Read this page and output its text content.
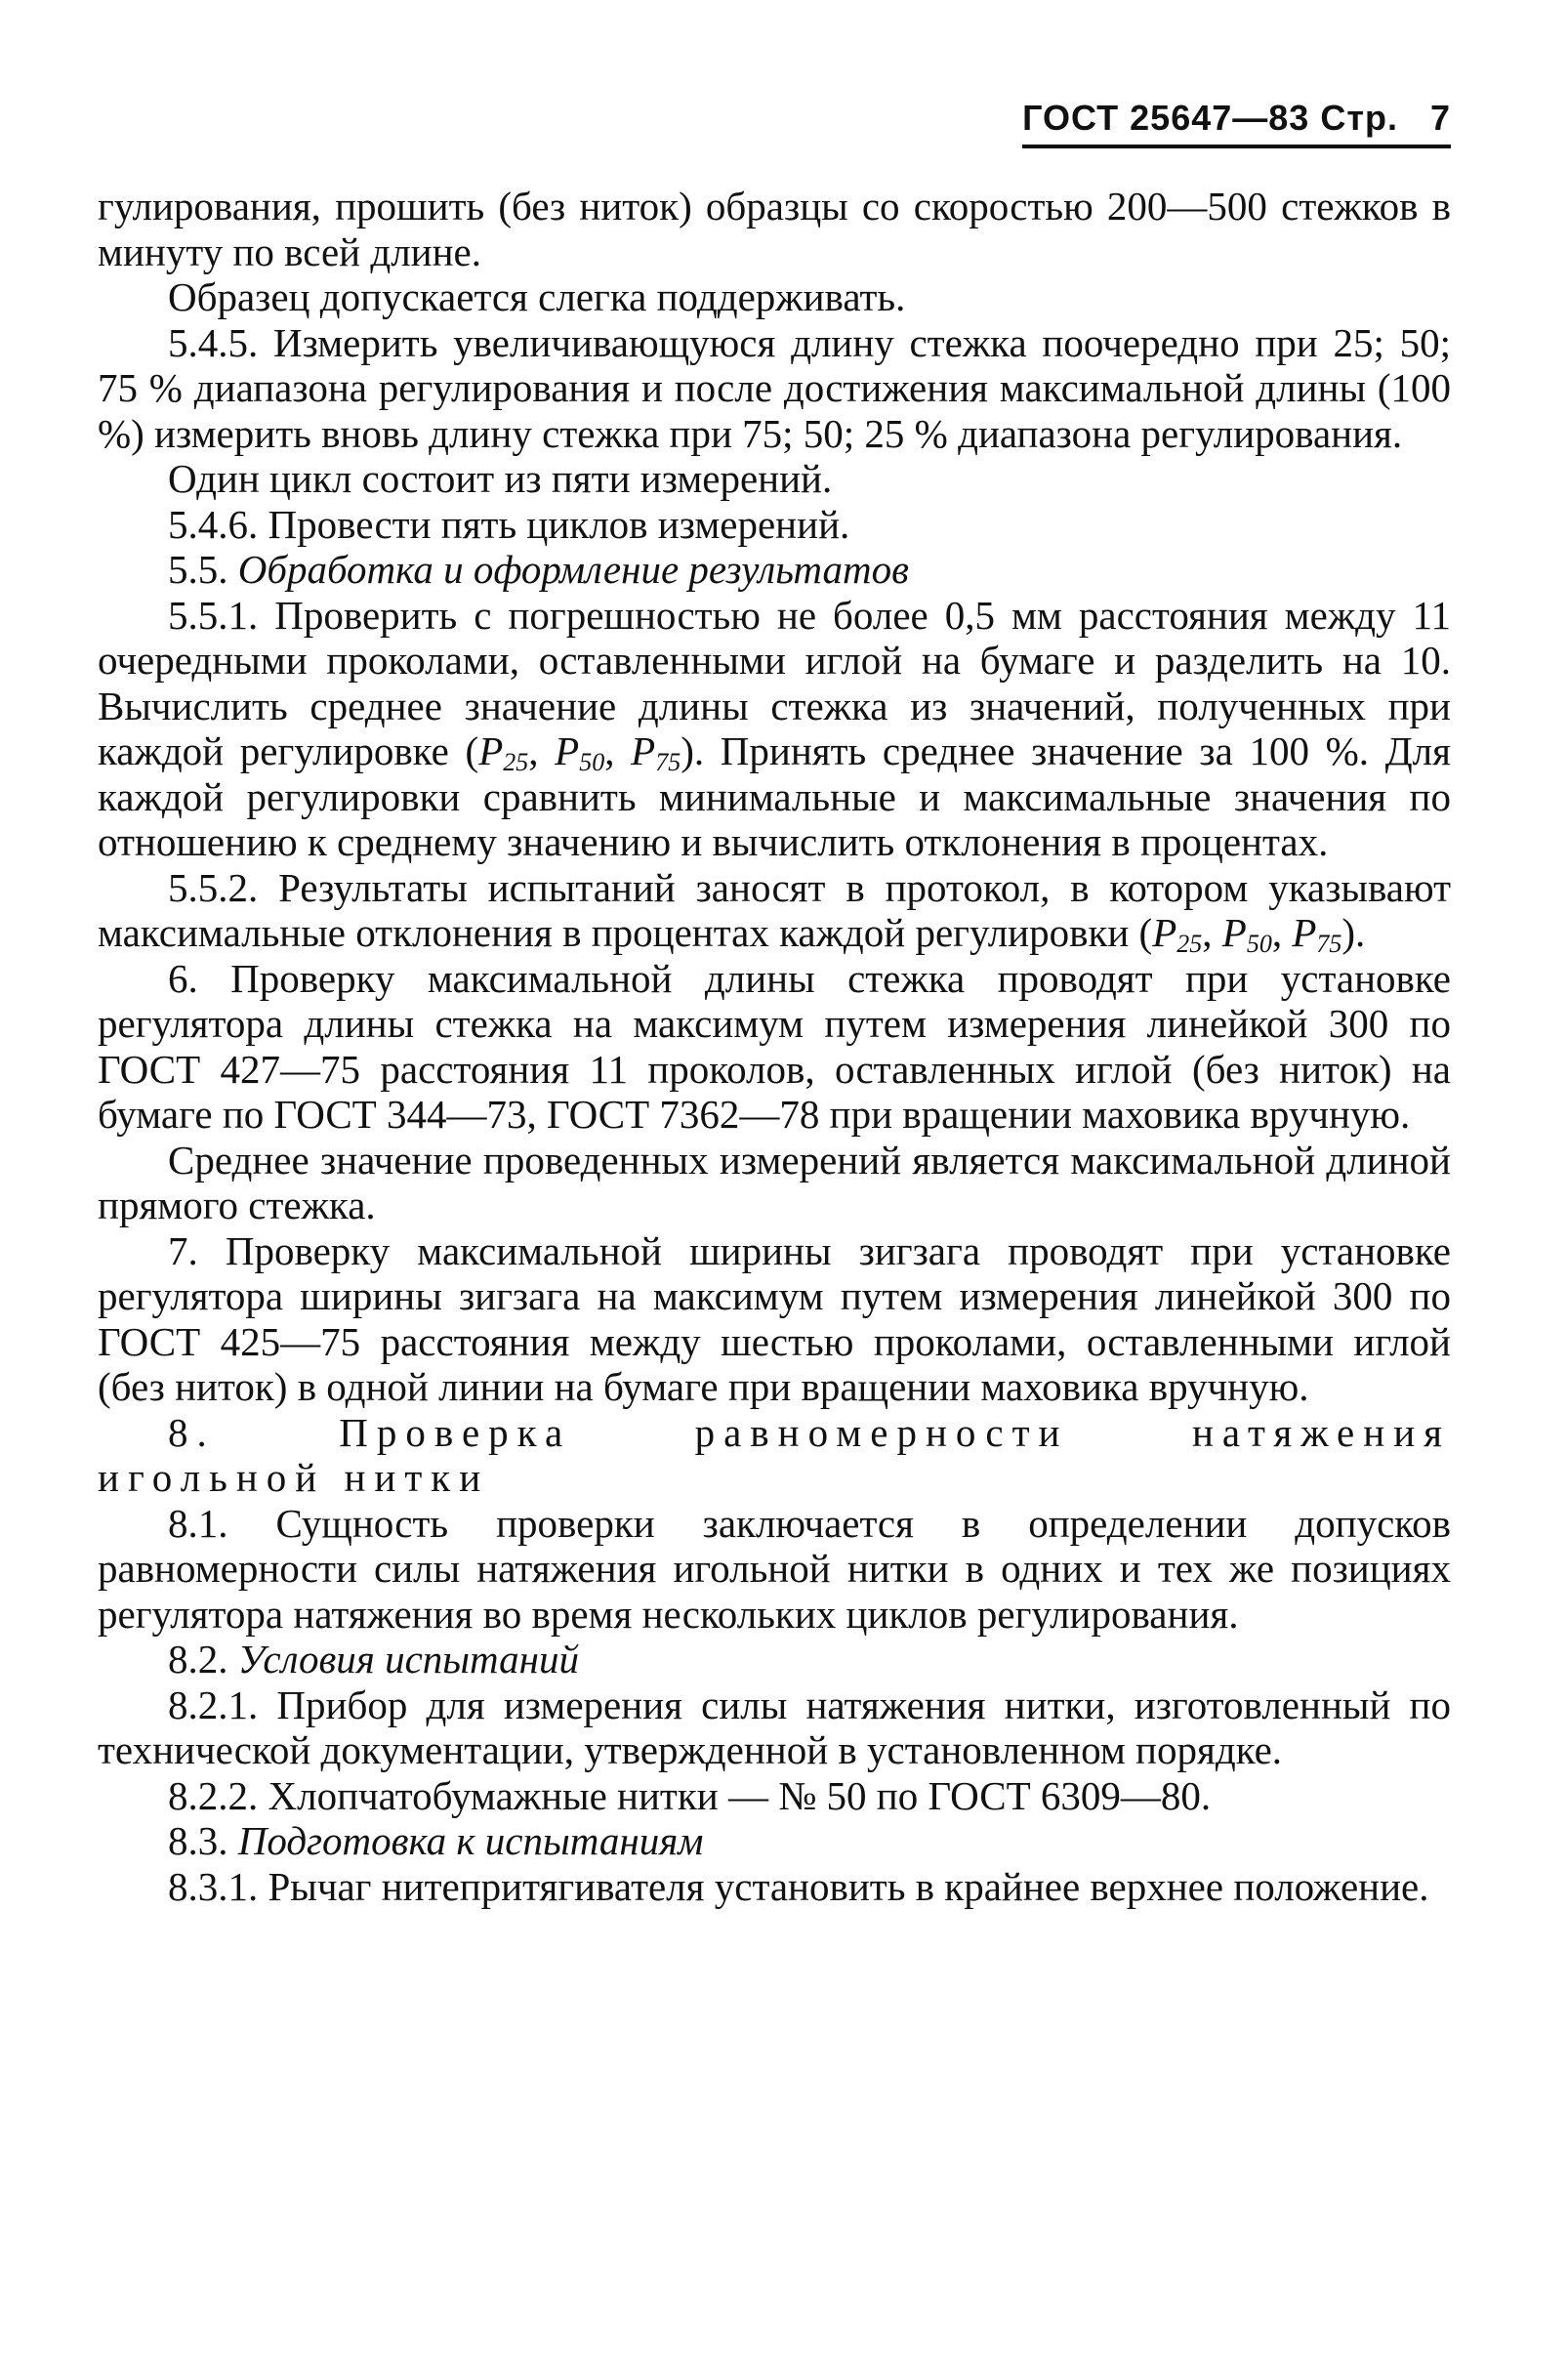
ГОСТ 25647—83 Стр. 7

гулирования, прошить (без ниток) образцы со скоростью 200—500 стежков в минуту по всей длине.

Образец допускается слегка поддерживать.

5.4.5. Измерить увеличивающуюся длину стежка поочередно при 25; 50; 75 % диапазона регулирования и после достижения максимальной длины (100 %) измерить вновь длину стежка при 75; 50; 25 % диапазона регулирования.

Один цикл состоит из пяти измерений.

5.4.6. Провести пять циклов измерений.

5.5. Обработка и оформление результатов

5.5.1. Проверить с погрешностью не более 0,5 мм расстояния между 11 очередными проколами, оставленными иглой на бумаге и разделить на 10. Вычислить среднее значение длины стежка из значений, полученных при каждой регулировке ($P_{25}$, $P_{50}$, $P_{75}$). Принять среднее значение за 100 %. Для каждой регулировки сравнить минимальные и максимальные значения по отношению к среднему значению и вычислить отклонения в процентах.

5.5.2. Результаты испытаний заносят в протокол, в котором указывают максимальные отклонения в процентах каждой регулировки ($P_{25}$, $P_{50}$, $P_{75}$).

6. Проверку максимальной длины стежка проводят при установке регулятора длины стежка на максимум путем измерения линейкой 300 по ГОСТ 427—75 расстояния 11 проколов, оставленных иглой (без ниток) на бумаге по ГОСТ 344—73, ГОСТ 7362—78 при вращении маховика вручную.

Среднее значение проведенных измерений является максимальной длиной прямого стежка.

7. Проверку максимальной ширины зигзага проводят при установке регулятора ширины зигзага на максимум путем измерения линейкой 300 по ГОСТ 425—75 расстояния между шестью проколами, оставленными иглой (без ниток) в одной линии на бумаге при вращении маховика вручную.

8. Проверка равномерности натяжения

игольной нитки

8.1. Сущность проверки заключается в определении допусков равномерности силы натяжения игольной нитки в одних и тех же позициях регулятора натяжения во время нескольких циклов регулирования.

8.2. Условия испытаний

8.2.1. Прибор для измерения силы натяжения нитки, изготовленный по технической документации, утвержденной в установленном порядке.

8.2.2. Хлопчатобумажные нитки — № 50 по ГОСТ 6309—80.

8.3. Подготовка к испытаниям

8.3.1. Рычаг нитепритягивателя установить в крайнее верхнее положение.
